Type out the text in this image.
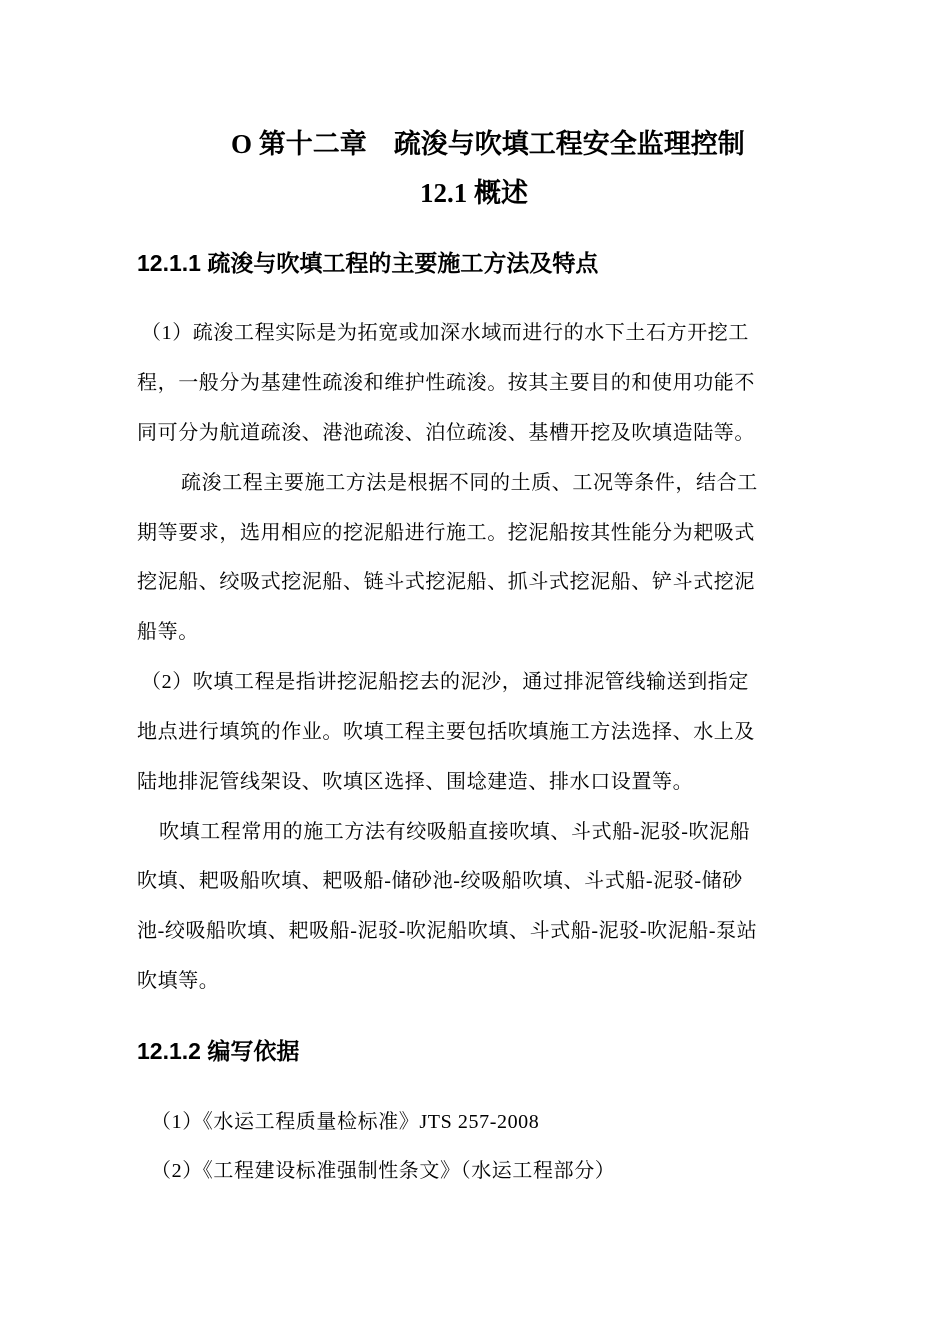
O 第十二章　疏浚与吹填工程安全监理控制
12.1 概述
12.1.1 疏浚与吹填工程的主要施工方法及特点

（1）疏浚工程实际是为拓宽或加深水域而进行的水下土石方开挖工

程，一般分为基建性疏浚和维护性疏浚。按其主要目的和使用功能不

同可分为航道疏浚、港池疏浚、泊位疏浚、基槽开挖及吹填造陆等。

疏浚工程主要施工方法是根据不同的土质、工况等条件，结合工

期等要求，选用相应的挖泥船进行施工。挖泥船按其性能分为耙吸式

挖泥船、绞吸式挖泥船、链斗式挖泥船、抓斗式挖泥船、铲斗式挖泥

船等。

（2）吹填工程是指讲挖泥船挖去的泥沙，通过排泥管线输送到指定

地点进行填筑的作业。吹填工程主要包括吹填施工方法选择、水上及

陆地排泥管线架设、吹填区选择、围埝建造、排水口设置等。

吹填工程常用的施工方法有绞吸船直接吹填、斗式船-泥驳-吹泥船

吹填、耙吸船吹填、耙吸船-储砂池-绞吸船吹填、斗式船-泥驳-储砂

池-绞吸船吹填、耙吸船-泥驳-吹泥船吹填、斗式船-泥驳-吹泥船-泵站

吹填等。

12.1.2 编写依据

（1）《水运工程质量检标准》JTS 257-2008

（2）《工程建设标准强制性条文》（水运工程部分）
